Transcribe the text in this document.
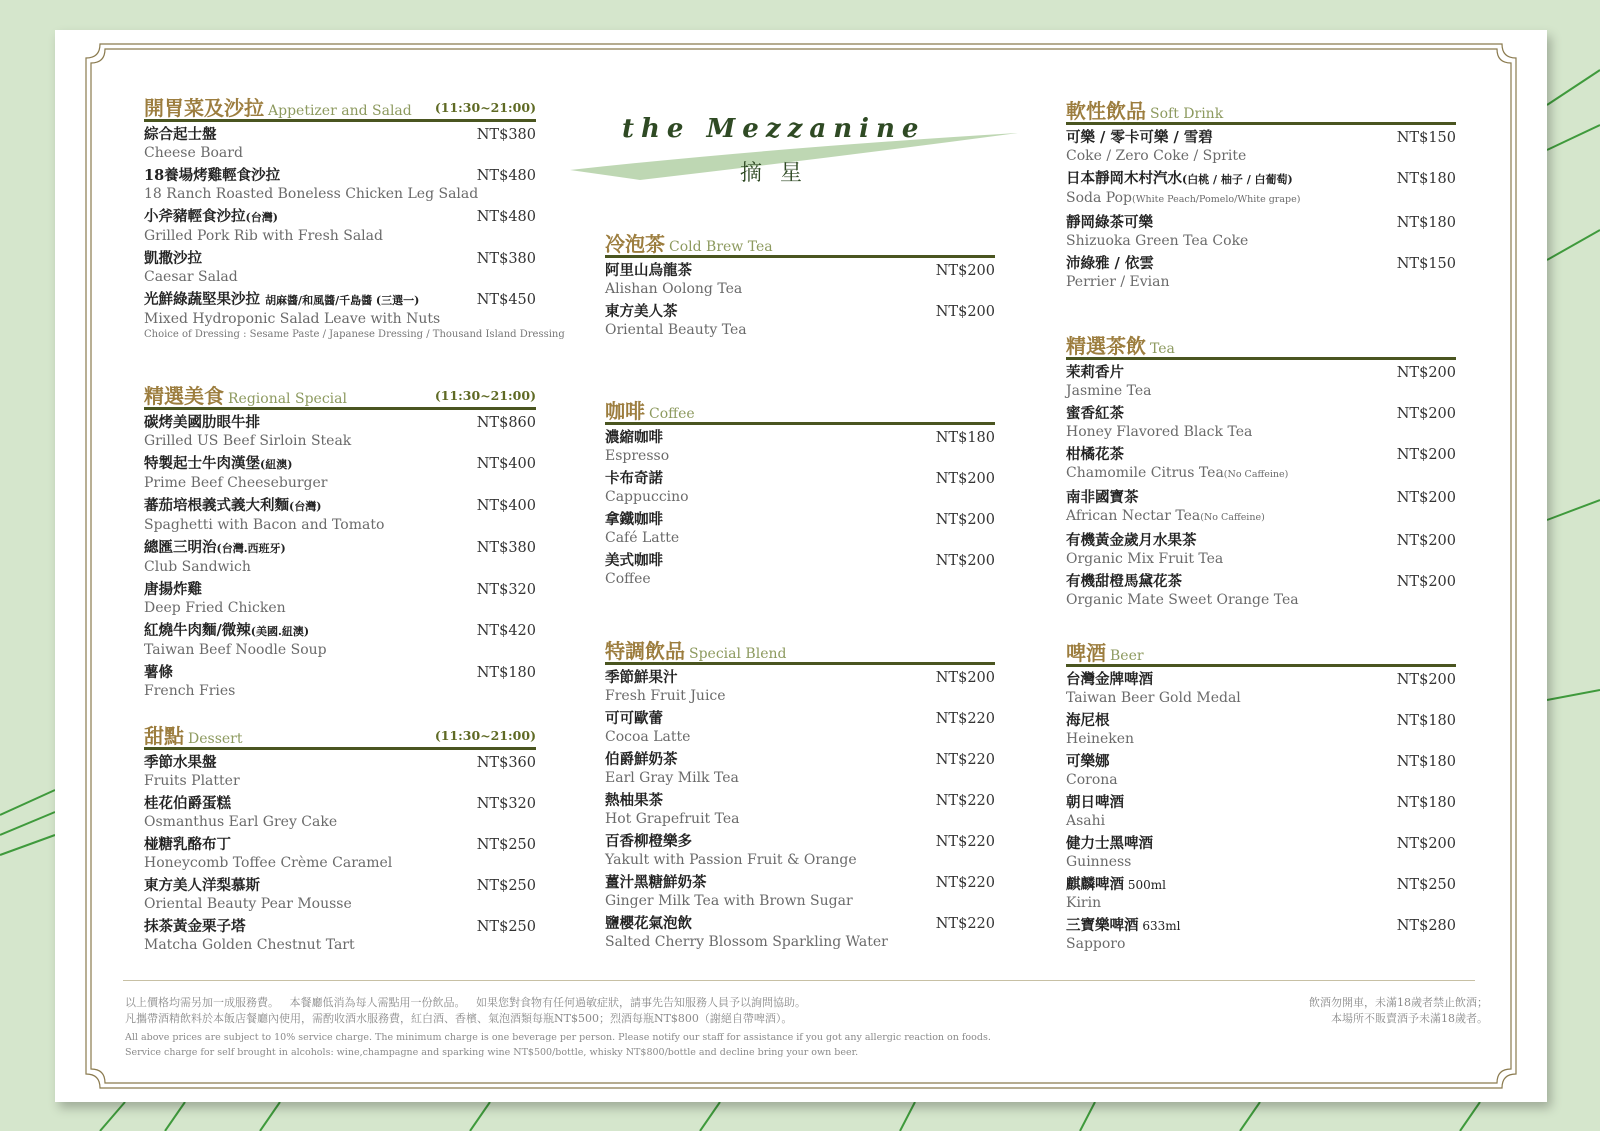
the Mezzanine
摘星
開胃菜及沙拉 Appetizer and Salad (11:30~21:00)
綜合起士盤	NT$380
Cheese Board
18養場烤雞輕食沙拉	NT$480
18 Ranch Roasted Boneless Chicken Leg Salad
小斧豬輕食沙拉(台灣)	NT$480
Grilled Pork Rib with Fresh Salad
凱撒沙拉	NT$380
Caesar Salad
光鮮綠蔬堅果沙拉 胡麻醬/和風醬/千島醬 (三選一)	NT$450
Mixed Hydroponic Salad Leave with Nuts
Choice of Dressing : Sesame Paste / Japanese Dressing / Thousand Island Dressing
精選美食 Regional Special	(11:30~21:00)
碳烤美國肋眼牛排	NT$860
Grilled US Beef Sirloin Steak
特製起士牛肉漢堡(紐澳)	NT$400
Prime Beef Cheeseburger
蕃茄培根義式義大利麵(台灣)	NT$400
Spaghetti with Bacon and Tomato
總匯三明治(台灣.西班牙)	NT$380
Club Sandwich
唐揚炸雞	NT$320
Deep Fried Chicken
紅燒牛肉麵/微辣(美國.紐澳)	NT$420
Taiwan Beef Noodle Soup
薯條	NT$180
French Fries
甜點 Dessert	(11:30~21:00)
季節水果盤	NT$360
Fruits Platter
桂花伯爵蛋糕	NT$320
Osmanthus Earl Grey Cake
椪糖乳酪布丁	NT$250
Honeycomb Toffee Crème Caramel
東方美人洋梨慕斯	NT$250
Oriental Beauty Pear Mousse
抹茶黃金栗子塔	NT$250
Matcha Golden Chestnut Tart
冷泡茶 Cold Brew Tea
阿里山烏龍茶	NT$200
Alishan Oolong Tea
東方美人茶	NT$200
Oriental Beauty Tea
咖啡 Coffee
濃縮咖啡	NT$180
Espresso
卡布奇諾	NT$200
Cappuccino
拿鐵咖啡	NT$200
Café Latte
美式咖啡	NT$200
Coffee
特調飲品 Special Blend
季節鮮果汁	NT$200
Fresh Fruit Juice
可可歐蕾	NT$220
Cocoa Latte
伯爵鮮奶茶	NT$220
Earl Gray Milk Tea
熱柚果茶	NT$220
Hot Grapefruit Tea
百香柳橙樂多	NT$220
Yakult with Passion Fruit & Orange
薑汁黑糖鮮奶茶	NT$220
Ginger Milk Tea with Brown Sugar
鹽櫻花氣泡飲	NT$220
Salted Cherry Blossom Sparkling Water
軟性飲品 Soft Drink
可樂 / 零卡可樂 / 雪碧	NT$150
Coke / Zero Coke / Sprite
日本靜岡木村汽水(白桃 / 柚子 / 白葡萄)	NT$180
Soda Pop(White Peach/Pomelo/White grape)
靜岡綠茶可樂	NT$180
Shizuoka Green Tea Coke
沛綠雅 / 依雲	NT$150
Perrier / Evian
精選茶飲 Tea
茉莉香片	NT$200
Jasmine Tea
蜜香紅茶	NT$200
Honey Flavored Black Tea
柑橘花茶	NT$200
Chamomile Citrus Tea(No Caffeine)
南非國寶茶	NT$200
African Nectar Tea(No Caffeine)
有機黃金歲月水果茶	NT$200
Organic Mix Fruit Tea
有機甜橙馬黛花茶	NT$200
Organic Mate Sweet Orange Tea
啤酒 Beer
台灣金牌啤酒	NT$200
Taiwan Beer Gold Medal
海尼根	NT$180
Heineken
可樂娜	NT$180
Corona
朝日啤酒	NT$180
Asahi
健力士黑啤酒	NT$200
Guinness
麒麟啤酒 500ml	NT$250
Kirin
三寶樂啤酒 633ml	NT$280
Sapporo
以上價格均需另加一成服務費。   本餐廳低消為每人需點用一份飲品。   如果您對食物有任何過敏症狀，請事先告知服務人員予以詢問協助。
凡攜帶酒精飲料於本飯店餐廳內使用，需酌收酒水服務費，紅白酒、香檳、氣泡酒類每瓶NT$500；烈酒每瓶NT$800（謝絕自帶啤酒）。
All above prices are subject to 10% service charge. The minimum charge is one beverage per person. Please notify our staff for assistance if you got any allergic reaction on foods.
Service charge for self brought in alcohols: wine,champagne and sparking wine NT$500/bottle, whisky NT$800/bottle and decline bring your own beer.
飲酒勿開車，未滿18歲者禁止飲酒；
本場所不販賣酒予未滿18歲者。
